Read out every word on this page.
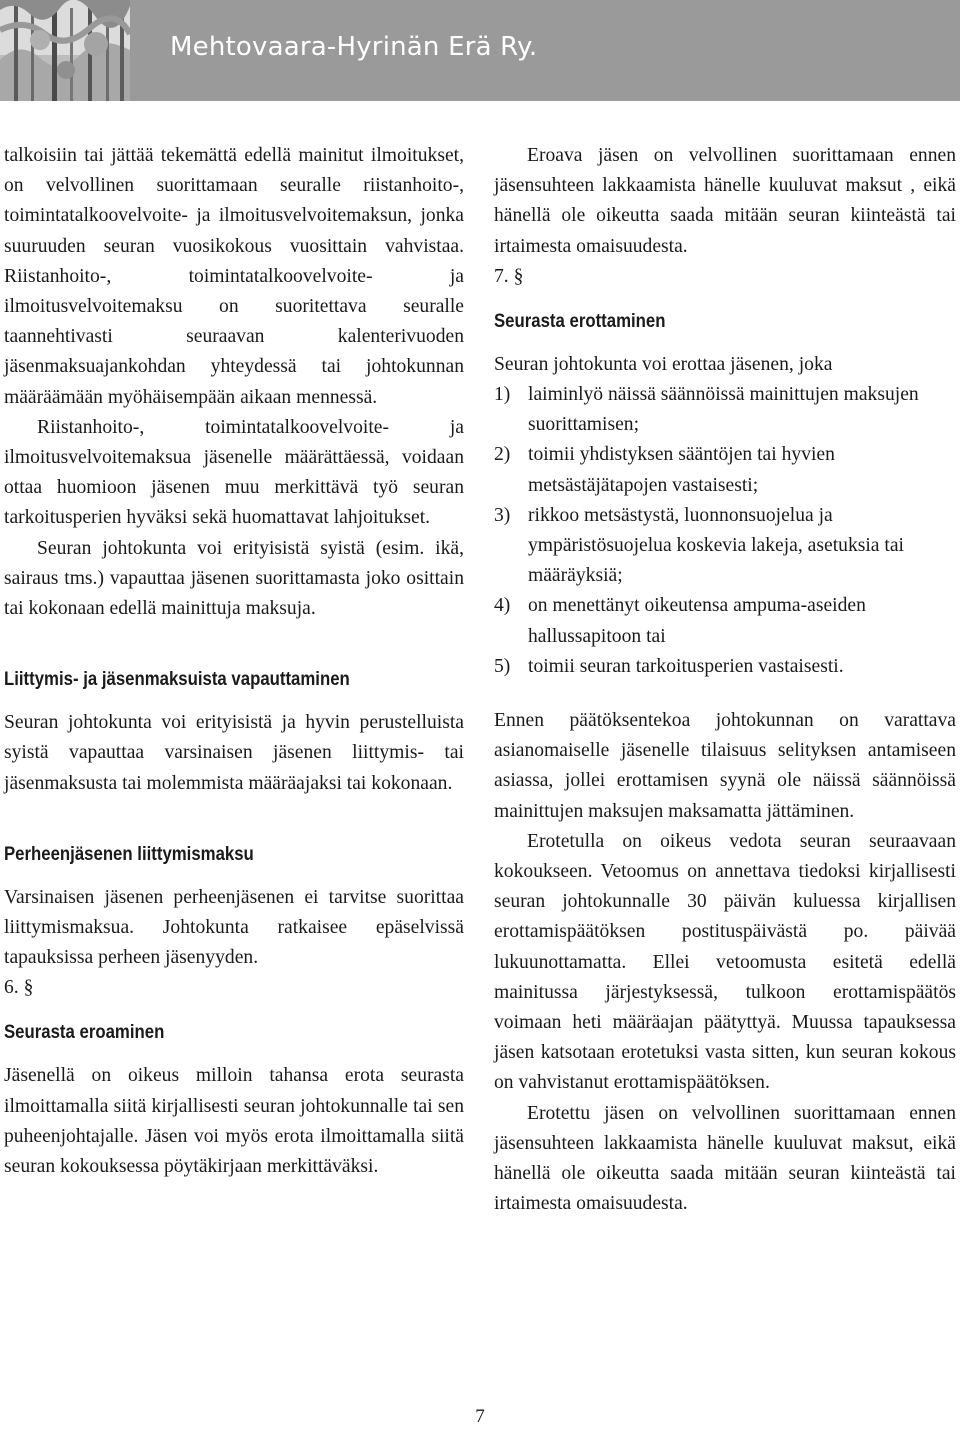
Mehtovaara-Hyrinän Erä Ry.

talkoisiin tai jättää tekemättä edellä mainitut ilmoitukset, on velvollinen suorittamaan seuralle riistanhoito-, toimintatalkoovelvoite- ja ilmoitusvelvoitemaksun, jonka suuruuden seuran vuosikokous vuosittain vahvistaa. Riistanhoito-, toimintatalkoovelvoite- ja ilmoitusvelvoitemaksu on suoritettava seuralle taannehtivasti seuraavan kalenterivuoden jäsenmaksuajankohdan yhteydessä tai johtokunnan määräämään myöhäisempään aikaan mennessä.

Riistanhoito-, toimintatalkoovelvoite- ja ilmoitusvelvoitemaksua jäsenelle määrättäessä, voidaan ottaa huomioon jäsenen muu merkittävä työ seuran tarkoitusperien hyväksi sekä huomattavat lahjoitukset.

Seuran johtokunta voi erityisistä syistä (esim. ikä, sairaus tms.) vapauttaa jäsenen suorittamasta joko osittain tai kokonaan edellä mainittuja maksuja.

Liittymis- ja jäsenmaksuista vapauttaminen

Seuran johtokunta voi erityisistä ja hyvin perustelluista syistä vapauttaa varsinaisen jäsenen liittymis- tai jäsenmaksusta tai molemmista määräajaksi tai kokonaan.

Perheenjäsenen liittymismaksu

Varsinaisen jäsenen perheenjäsenen ei tarvitse suorittaa liittymismaksua. Johtokunta ratkaisee epäselvissä tapauksissa perheen jäsenyyden.

6. §

Seurasta eroaminen

Jäsenellä on oikeus milloin tahansa erota seurasta ilmoittamalla siitä kirjallisesti seuran johtokunnalle tai sen puheenjohtajalle. Jäsen voi myös erota ilmoittamalla siitä seuran kokouksessa pöytäkirjaan merkittäväksi.

Eroava jäsen on velvollinen suorittamaan ennen jäsensuhteen lakkaamista hänelle kuuluvat maksut , eikä hänellä ole oikeutta saada mitään seuran kiinteästä tai irtaimesta omaisuudesta.

7. §

Seurasta erottaminen

Seuran johtokunta voi erottaa jäsenen, joka

1) laiminlyö näissä säännöissä mainittujen maksujen suorittamisen;
2) toimii yhdistyksen sääntöjen tai hyvien metsästäjätapojen vastaisesti;
3) rikkoo metsästystä, luonnonsuojelua ja ympäristösuojelua koskevia lakeja, asetuksia tai määräyksiä;
4) on menettänyt oikeutensa ampuma-aseiden hallussapitoon tai
5) toimii seuran tarkoitusperien vastaisesti.

Ennen päätöksentekoa johtokunnan on varattava asianomaiselle jäsenelle tilaisuus selityksen antamiseen asiassa, jollei erottamisen syynä ole näissä säännöissä mainittujen maksujen maksamatta jättäminen.

Erotetulla on oikeus vedota seuran seuraavaan kokoukseen. Vetoomus on annettava tiedoksi kirjallisesti seuran johtokunnalle 30 päivän kuluessa kirjallisen erottamispäätöksen postituspäivästä po. päivää lukuunottamatta. Ellei vetoomusta esitetä edellä mainitussa järjestyksessä, tulkoon erottamispäätös voimaan heti määräajan päätyttyä. Muussa tapauksessa jäsen katsotaan erotetuksi vasta sitten, kun seuran kokous on vahvistanut erottamispäätöksen.

Erotettu jäsen on velvollinen suorittamaan ennen jäsensuhteen lakkaamista hänelle kuuluvat maksut, eikä hänellä ole oikeutta saada mitään seuran kiinteästä tai irtaimesta omaisuudesta.

7
